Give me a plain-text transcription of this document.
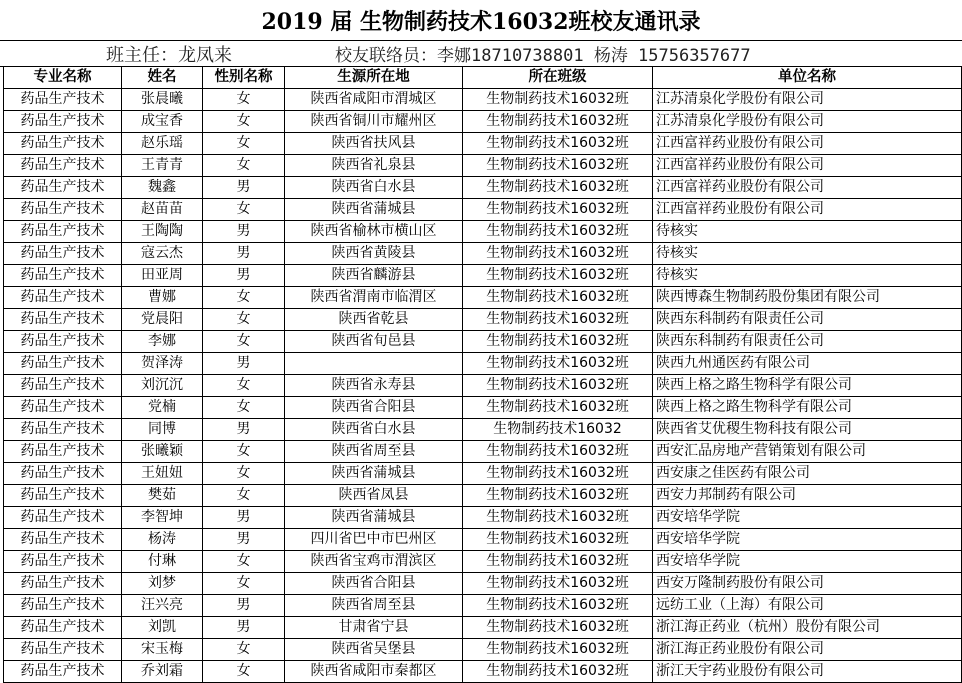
2019 届 生物制药技术16032班校友通讯录
班主任：龙凤来	校友联络员：李娜18710738801 杨涛 15756357677
专业名称	姓名	性别名称	生源所在地	所在班级	单位名称
药品生产技术	张晨曦	女	陕西省咸阳市渭城区	生物制药技术16032班	江苏清泉化学股份有限公司
药品生产技术	成宝香	女	陕西省铜川市耀州区	生物制药技术16032班	江苏清泉化学股份有限公司
药品生产技术	赵乐瑶	女	陕西省扶风县	生物制药技术16032班	江西富祥药业股份有限公司
药品生产技术	王青青	女	陕西省礼泉县	生物制药技术16032班	江西富祥药业股份有限公司
药品生产技术	魏鑫	男	陕西省白水县	生物制药技术16032班	江西富祥药业股份有限公司
药品生产技术	赵苗苗	女	陕西省蒲城县	生物制药技术16032班	江西富祥药业股份有限公司
药品生产技术	王陶陶	男	陕西省榆林市横山区	生物制药技术16032班	待核实
药品生产技术	寇云杰	男	陕西省黄陵县	生物制药技术16032班	待核实
药品生产技术	田亚周	男	陕西省麟游县	生物制药技术16032班	待核实
药品生产技术	曹娜	女	陕西省渭南市临渭区	生物制药技术16032班	陕西博森生物制药股份集团有限公司
药品生产技术	党晨阳	女	陕西省乾县	生物制药技术16032班	陕西东科制药有限责任公司
药品生产技术	李娜	女	陕西省旬邑县	生物制药技术16032班	陕西东科制药有限责任公司
药品生产技术	贺泽涛	男		生物制药技术16032班	陕西九州通医药有限公司
药品生产技术	刘沉沉	女	陕西省永寿县	生物制药技术16032班	陕西上格之路生物科学有限公司
药品生产技术	党楠	女	陕西省合阳县	生物制药技术16032班	陕西上格之路生物科学有限公司
药品生产技术	同博	男	陕西省白水县	生物制药技术16032	陕西省艾优稷生物科技有限公司
药品生产技术	张曦颖	女	陕西省周至县	生物制药技术16032班	西安汇品房地产营销策划有限公司
药品生产技术	王妞妞	女	陕西省蒲城县	生物制药技术16032班	西安康之佳医药有限公司
药品生产技术	樊茹	女	陕西省凤县	生物制药技术16032班	西安力邦制药有限公司
药品生产技术	李智坤	男	陕西省蒲城县	生物制药技术16032班	西安培华学院
药品生产技术	杨涛	男	四川省巴中市巴州区	生物制药技术16032班	西安培华学院
药品生产技术	付琳	女	陕西省宝鸡市渭滨区	生物制药技术16032班	西安培华学院
药品生产技术	刘梦	女	陕西省合阳县	生物制药技术16032班	西安万隆制药股份有限公司
药品生产技术	汪兴亮	男	陕西省周至县	生物制药技术16032班	远纺工业（上海）有限公司
药品生产技术	刘凯	男	甘肃省宁县	生物制药技术16032班	浙江海正药业（杭州）股份有限公司
药品生产技术	宋玉梅	女	陕西省吴堡县	生物制药技术16032班	浙江海正药业股份有限公司
药品生产技术	乔刘霜	女	陕西省咸阳市秦都区	生物制药技术16032班	浙江天宇药业股份有限公司
